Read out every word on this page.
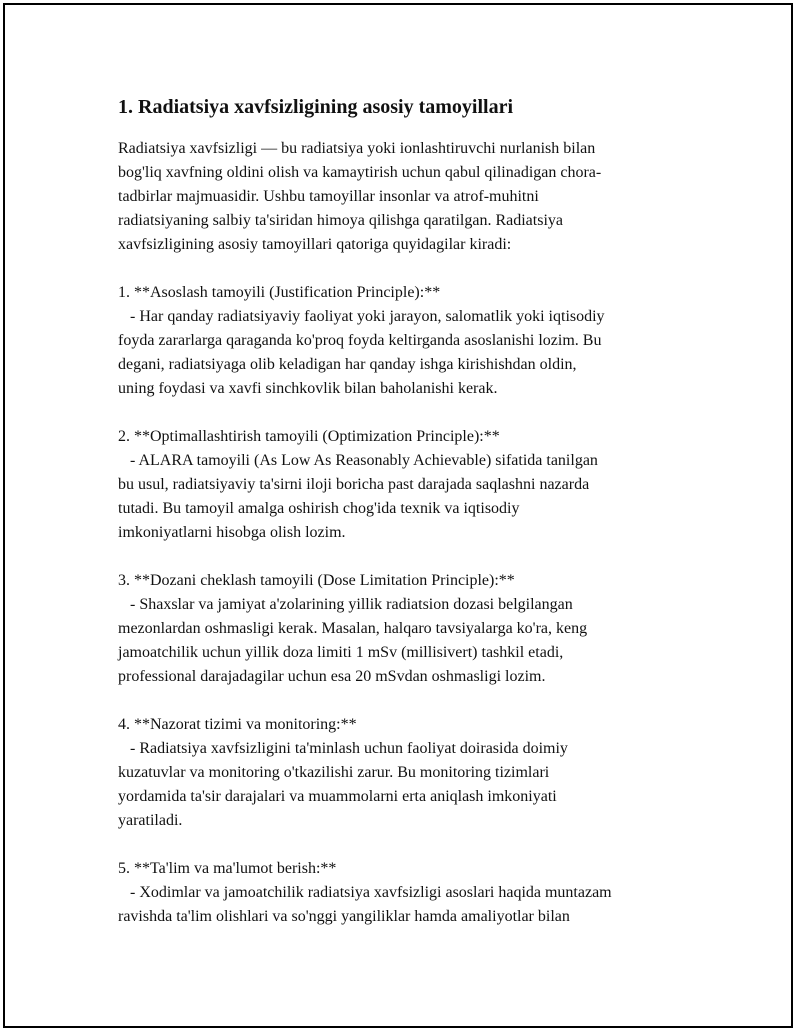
1. Radiatsiya xavfsizligining asosiy tamoyillari

Radiatsiya xavfsizligi — bu radiatsiya yoki ionlashtiruvchi nurlanish bilan
bog'liq xavfning oldini olish va kamaytirish uchun qabul qilinadigan chora-
tadbirlar majmuasidir. Ushbu tamoyillar insonlar va atrof-muhitni
radiatsiyaning salbiy ta'siridan himoya qilishga qaratilgan. Radiatsiya
xavfsizligining asosiy tamoyillari qatoriga quyidagilar kiradi:

1. **Asoslash tamoyili (Justification Principle):**
- Har qanday radiatsiyaviy faoliyat yoki jarayon, salomatlik yoki iqtisodiy
foyda zararlarga qaraganda ko'proq foyda keltirganda asoslanishi lozim. Bu
degani, radiatsiyaga olib keladigan har qanday ishga kirishishdan oldin,
uning foydasi va xavfi sinchkovlik bilan baholanishi kerak.

2. **Optimallashtirish tamoyili (Optimization Principle):**
- ALARA tamoyili (As Low As Reasonably Achievable) sifatida tanilgan
bu usul, radiatsiyaviy ta'sirni iloji boricha past darajada saqlashni nazarda
tutadi. Bu tamoyil amalga oshirish chog'ida texnik va iqtisodiy
imkoniyatlarni hisobga olish lozim.

3. **Dozani cheklash tamoyili (Dose Limitation Principle):**
- Shaxslar va jamiyat a'zolarining yillik radiatsion dozasi belgilangan
mezonlardan oshmasligi kerak. Masalan, halqaro tavsiyalarga ko'ra, keng
jamoatchilik uchun yillik doza limiti 1 mSv (millisivert) tashkil etadi,
professional darajadagilar uchun esa 20 mSvdan oshmasligi lozim.

4. **Nazorat tizimi va monitoring:**
- Radiatsiya xavfsizligini ta'minlash uchun faoliyat doirasida doimiy
kuzatuvlar va monitoring o'tkazilishi zarur. Bu monitoring tizimlari
yordamida ta'sir darajalari va muammolarni erta aniqlash imkoniyati
yaratiladi.

5. **Ta'lim va ma'lumot berish:**
- Xodimlar va jamoatchilik radiatsiya xavfsizligi asoslari haqida muntazam
ravishda ta'lim olishlari va so'nggi yangiliklar hamda amaliyotlar bilan
